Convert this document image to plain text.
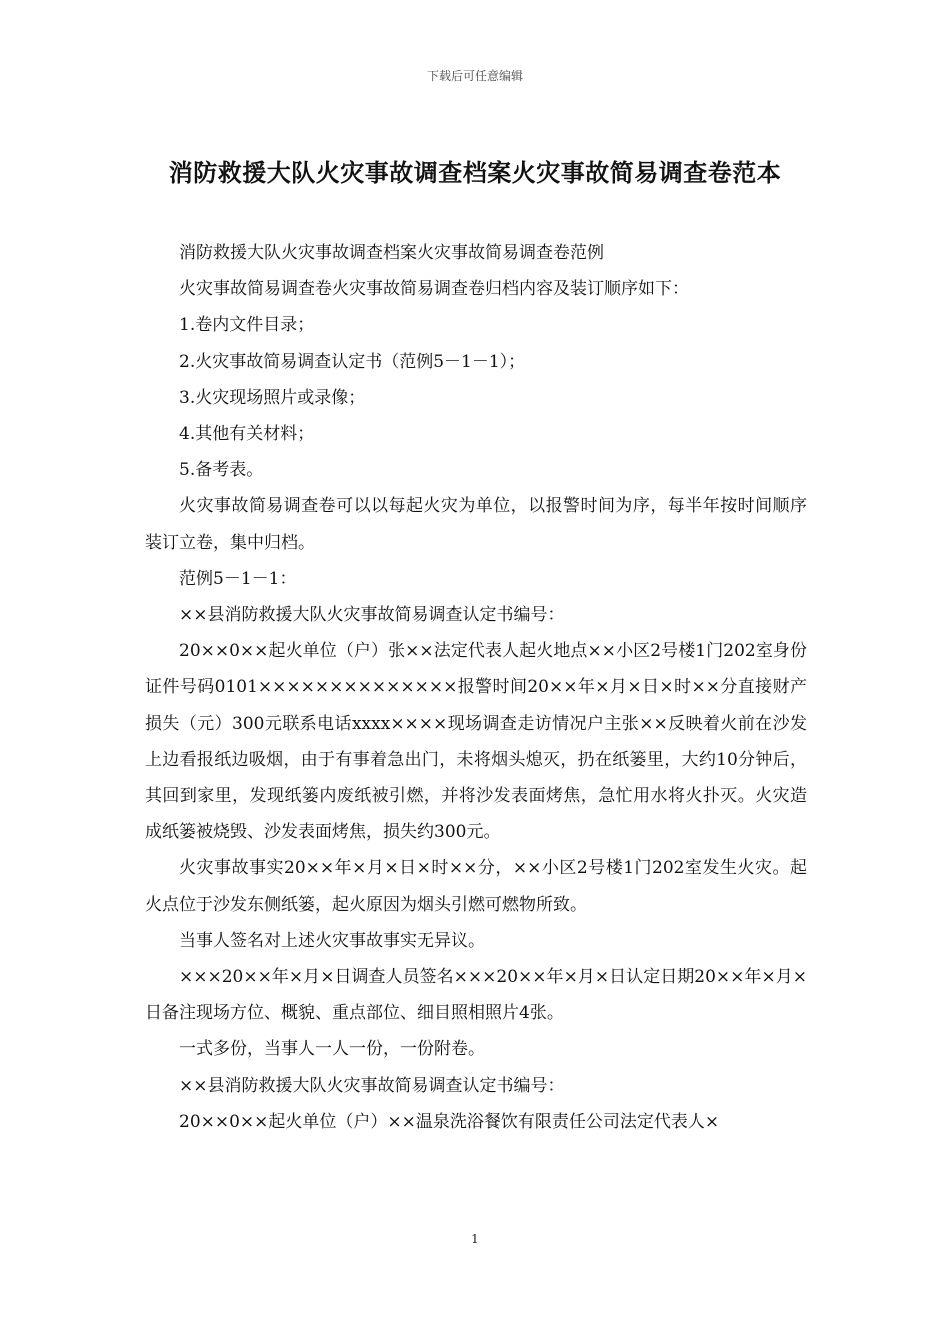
下载后可任意编辑
消防救援大队火灾事故调查档案火灾事故简易调查卷范本

消防救援大队火灾事故调查档案火灾事故简易调查卷范例

火灾事故简易调查卷火灾事故简易调查卷归档内容及装订顺序如下：

1.卷内文件目录；

2.火灾事故简易调查认定书（范例5－1－1）；

3.火灾现场照片或录像；

4.其他有关材料；

5.备考表。

火灾事故简易调查卷可以以每起火灾为单位，以报警时间为序，每半年按时间顺序装订立卷，集中归档。

范例5－1－1：

××县消防救援大队火灾事故简易调查认定书编号：

20××0××起火单位（户）张××法定代表人起火地点××小区2号楼1门202室身份证件号码0101××××××××××××××报警时间20××年×月×日×时××分直接财产损失（元）300元联系电话xxxx××××现场调查走访情况户主张××反映着火前在沙发上边看报纸边吸烟，由于有事着急出门，未将烟头熄灭，扔在纸篓里，大约10分钟后，其回到家里，发现纸篓内废纸被引燃，并将沙发表面烤焦，急忙用水将火扑灭。火灾造成纸篓被烧毁、沙发表面烤焦，损失约300元。

火灾事故事实20××年×月×日×时××分，××小区2号楼1门202室发生火灾。起火点位于沙发东侧纸篓，起火原因为烟头引燃可燃物所致。

当事人签名对上述火灾事故事实无异议。

×××20××年×月×日调查人员签名×××20××年×月×日认定日期20××年×月×日备注现场方位、概貌、重点部位、细目照相照片4张。

一式多份，当事人一人一份，一份附卷。

××县消防救援大队火灾事故简易调查认定书编号：

20××0××起火单位（户）××温泉洗浴餐饮有限责任公司法定代表人×

1
